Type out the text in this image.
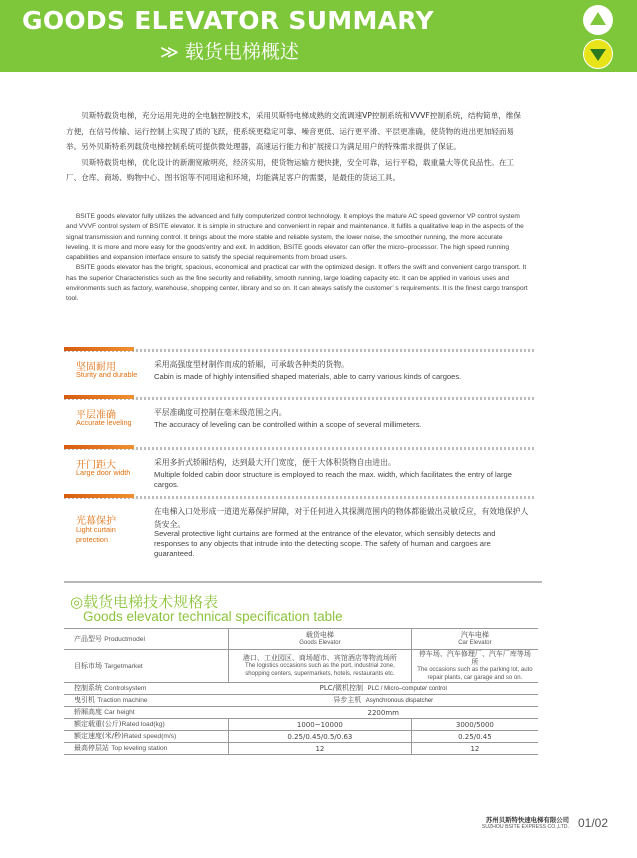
GOODS ELEVATOR SUMMARY
≫ 载货电梯概述

贝斯特载货电梯，充分运用先进的全电脑控制技术，采用贝斯特电梯成熟的交流调速VP控制系统和VVVF控制系统，结构简单，维保方便，在信号传输、运行控制上实现了质的飞跃，使系统更稳定可靠、噪音更低、运行更平滑、平层更准确，使货物的进出更加轻而易举。另外贝斯特系列载货电梯控制系统可提供微处理器，高速运行能力和扩展接口为满足用户的特殊需求提供了保证。

贝斯特载货电梯，优化设计的新潮宽敞明亮，经济实用，使货物运输方便快捷，安全可靠，运行平稳，载重量大等优良品性。在工厂、仓库、商场、购物中心、图书馆等不同用途和环境，均能满足客户的需要，是最佳的货运工具。

BSITE goods elevator fully utilizes the advanced and fully computerized control technology. It employs the mature AC speed governor VP control system and VVVF control system of BSITE elevator. It is simple in structure and convenient in repair and maintenance. It fulfils a qualitative leap in the aspects of the signal transmission and running control. It brings about the more stable and reliable system, the lower noise, the smoother running, the more accurate leveling. It is more and more easy for the goods'entry and exit. In addition, BSITE goods elevator can offer the micro–processor. The high speed running capabilities and expansion interface ensure to satisfy the special requirements from broad users.

BSITE goods elevator has the bright, spacious, economical and practical car with the optimized design. It offers the swift and convenient cargo transport. It has the superior Characteristics such as the fine security and reliability, smooth running, large loading capacity etc. It can be applied in various uses and environments such as factory, warehouse, shopping center, library and so on. It can always satisfy the customer’ s requirements. It is the finest cargo transport tool.

坚固耐用
Sturity and durable
采用高强度型材制作而成的轿厢，可承载各种类的货物。
Cabin is made of highly intensified shaped materials, able to carry various kinds of cargoes.
平层准确
Accurate leveling
平层准确度可控制在毫米级范围之内。
The accuracy of leveling can be controlled within a scope of several millimeters.
开门距大
Large door width
采用多折式轿厢结构，达到最大开门宽度，便于大体积货物自由进出。
Multiple folded cabin door structure is employed to reach the max. width, which facilitates the entry of large cargos.
光幕保护
Light curtain protection
在电梯入口处形成一道道光幕保护屏障，对于任何进入其探测范围内的物体都能做出灵敏反应，有效地保护人货安全。
Several protective light curtains are formed at the entrance of the elevator, which sensibly detects and responses to any objects that intrude into the detecting scope. The safety of human and cargoes are guaranteed.
◎载货电梯技术规格表
Goods elevator technical specification table
产品型号 Productmodel	载货电梯
Goods Elevator	汽车电梯
Car Elevator

目标市场 Targetmarket	港口、工业园区、商场超市、宾馆酒店等物流场所
The logistics occasions such as the port, industrial zone, shopping centers, supermarkets, hotels, restaurants etc.	停车场、汽车修理厂、汽车厂库等场所
The occasions such as the parking lot, auto repair plants, car garage and so on.

控制系统 Controlsystem	PLC/微机控制 PLC / Micro–computer control	
曳引机 Traction machine	异步主机 Asynchronous dispatcher	
轿厢高度 Car height	2200mm	
额定载重(公斤)Rated load(kg)	1000~10000	3000/5000
额定速度(米/秒)Rated speed(m/s)	0.25/0.45/0.5/0.63	0.25/0.45
最高停层站 Top leveling station	12	12
苏州贝斯特快速电梯有限公司
SUZHOU BSITE EXPRESS CO.,LTD. 01/02
